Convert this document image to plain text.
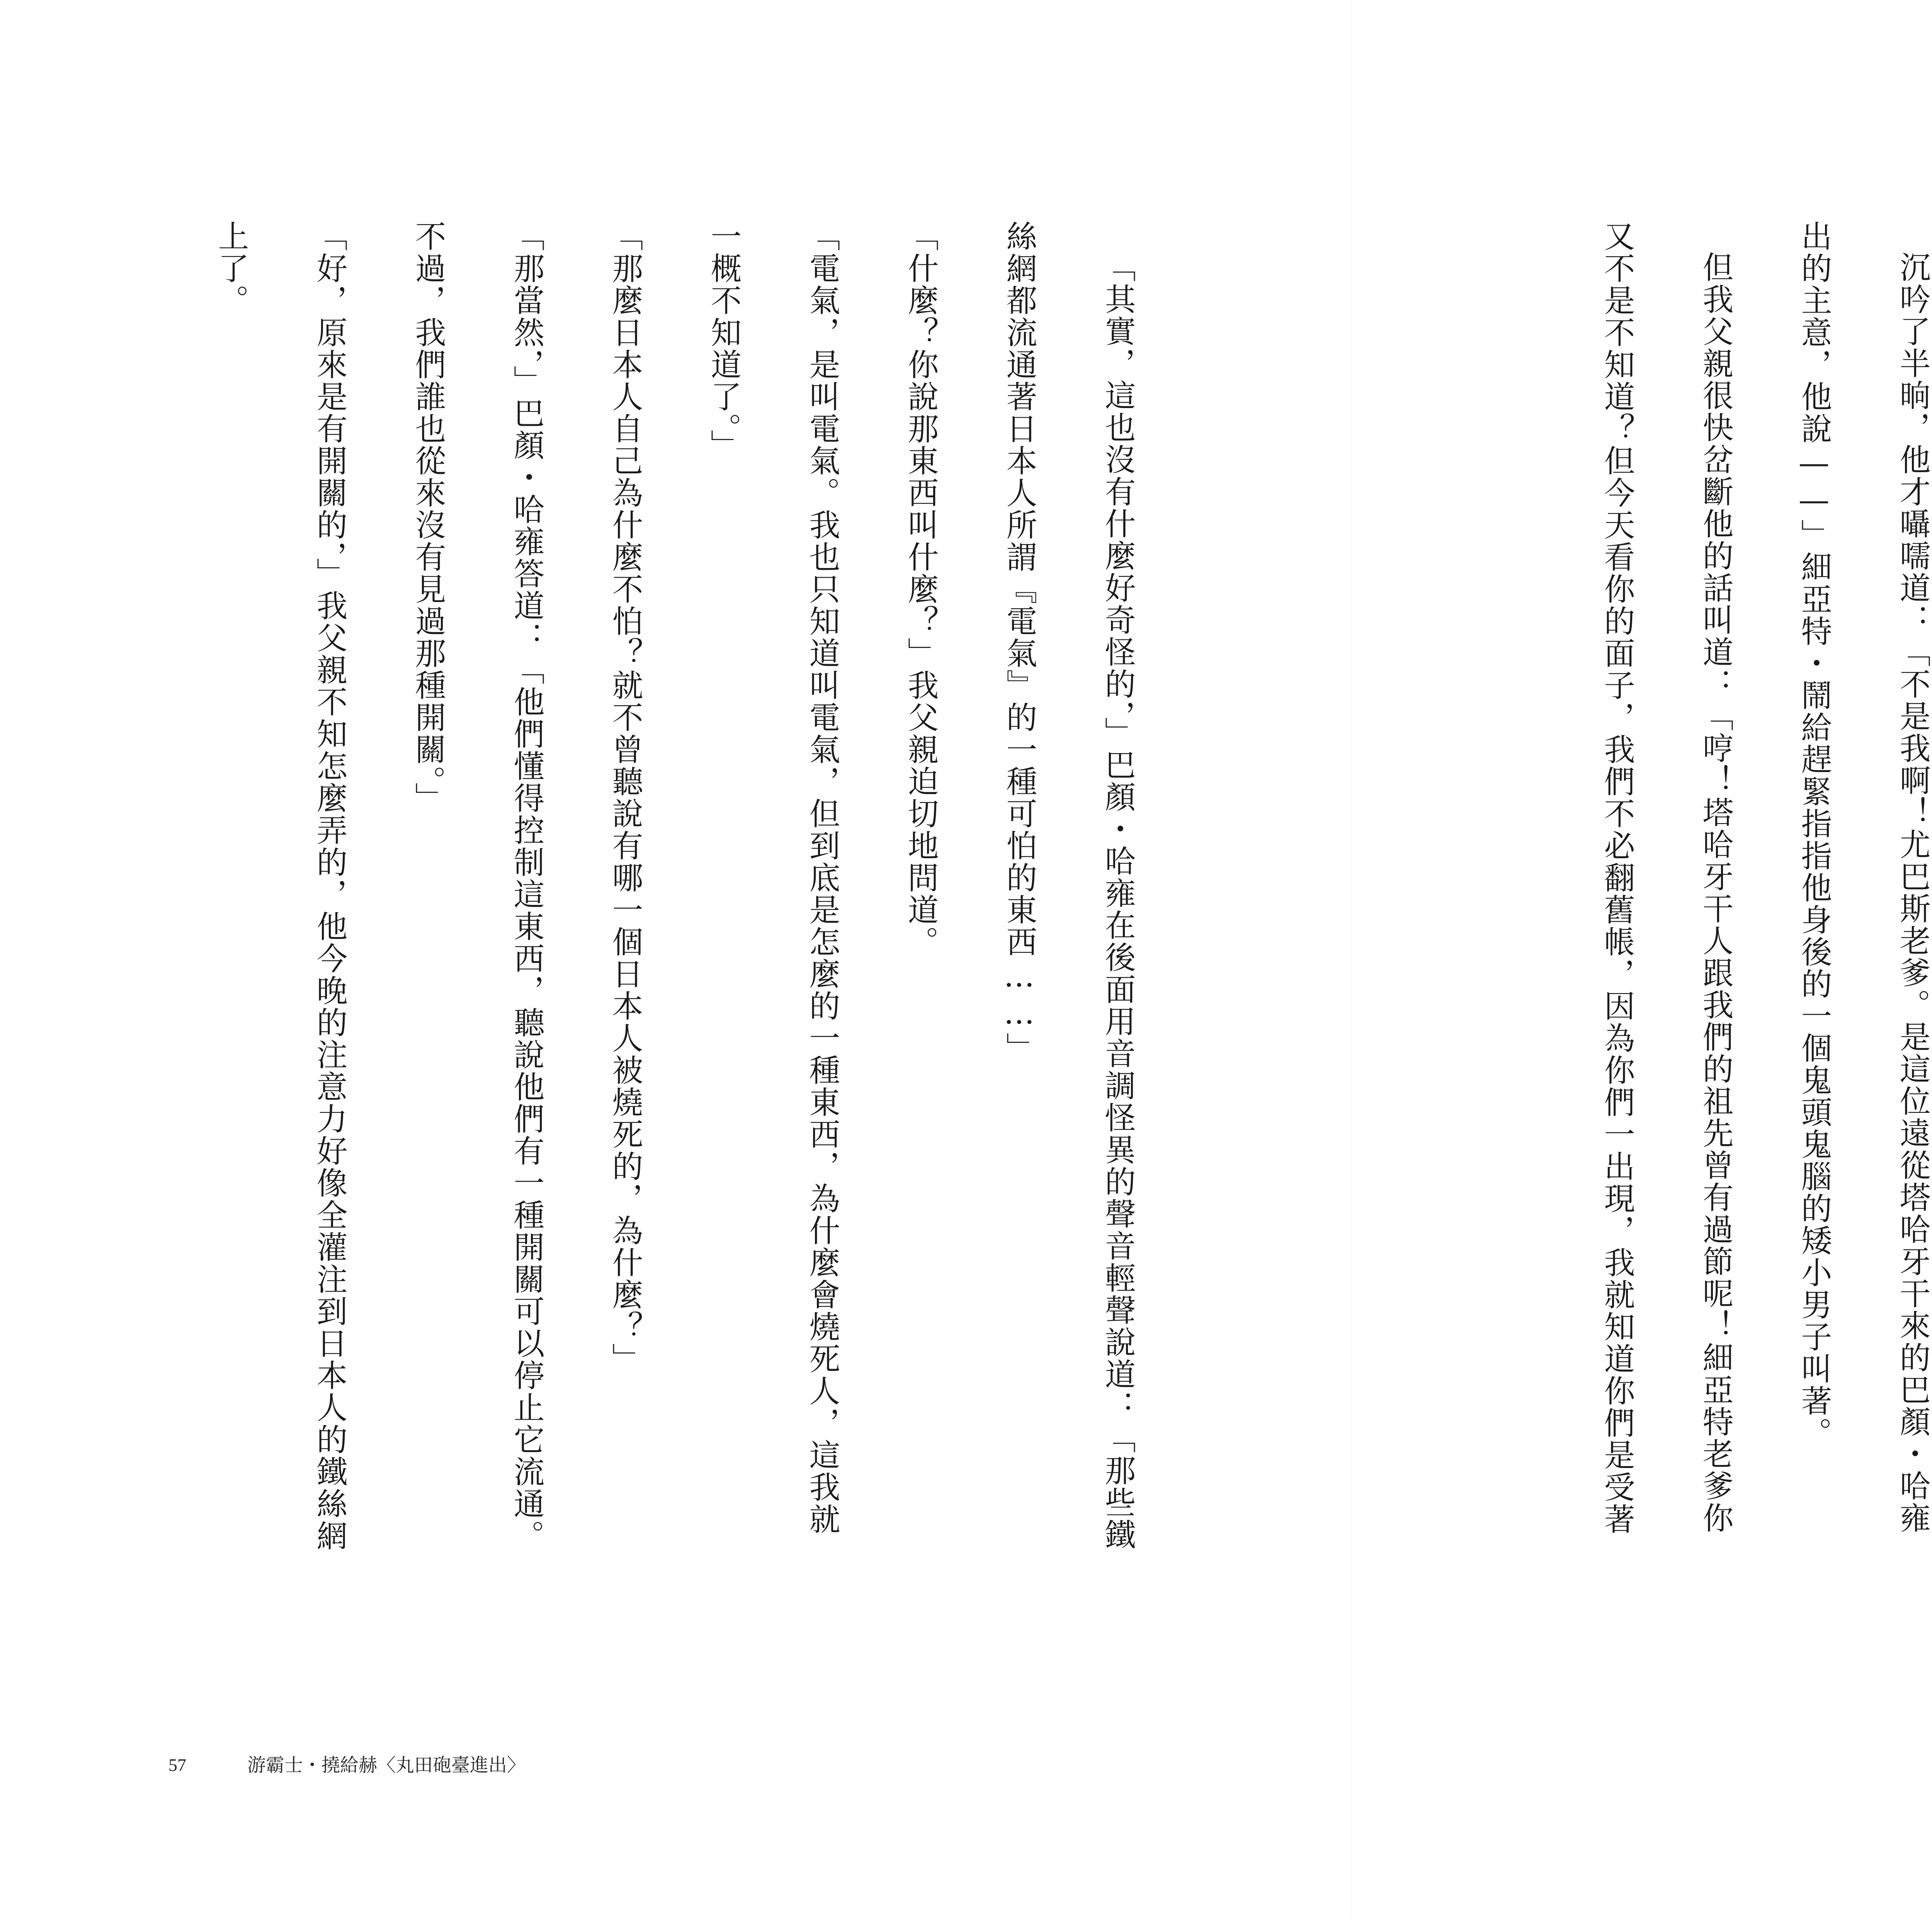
「其實，這也沒有什麼好奇怪的，」巴顏・哈雍在後面用音調怪異的聲音輕聲說道：「那些鐵絲網都流通著日本人所謂『電氣』的一種可怕的東西……」

「什麼？你說那東西叫什麼？」我父親迫切地問道。

「電氣，是叫電氣。我也只知道叫電氣，但到底是怎麼的一種東西，為什麼會燒死人，這我就一概不知道了。」

「那麼日本人自己為什麼不怕？就不曾聽說有哪一個日本人被燒死的，為什麼？」

「那當然，」巴顏・哈雍答道：「他們懂得控制這東西，聽說他們有一種開關可以停止它流通。不過，我們誰也從來沒有見過那種開關。」

「好，原來是有開關的，」我父親不知怎麼弄的，他今晚的注意力好像全灌注到日本人的鐵絲網上了。

57	游霸士・撓給赫〈丸田砲臺進出〉

沉吟了半晌，他才囁嚅道：「不是我啊！尤巴斯老爹。是這位遠從塔哈牙干來的巴顏・哈雍出的主意，他說——」細亞特・鬧給趕緊指指他身後的一個鬼頭鬼腦的矮小男子叫著。

但我父親很快岔斷他的話叫道：「哼！塔哈牙干人跟我們的祖先曾有過節呢！細亞特老爹你又不是不知道？但今天看你的面子，我們不必翻舊帳，因為你們一出現，我就知道你們是受著
